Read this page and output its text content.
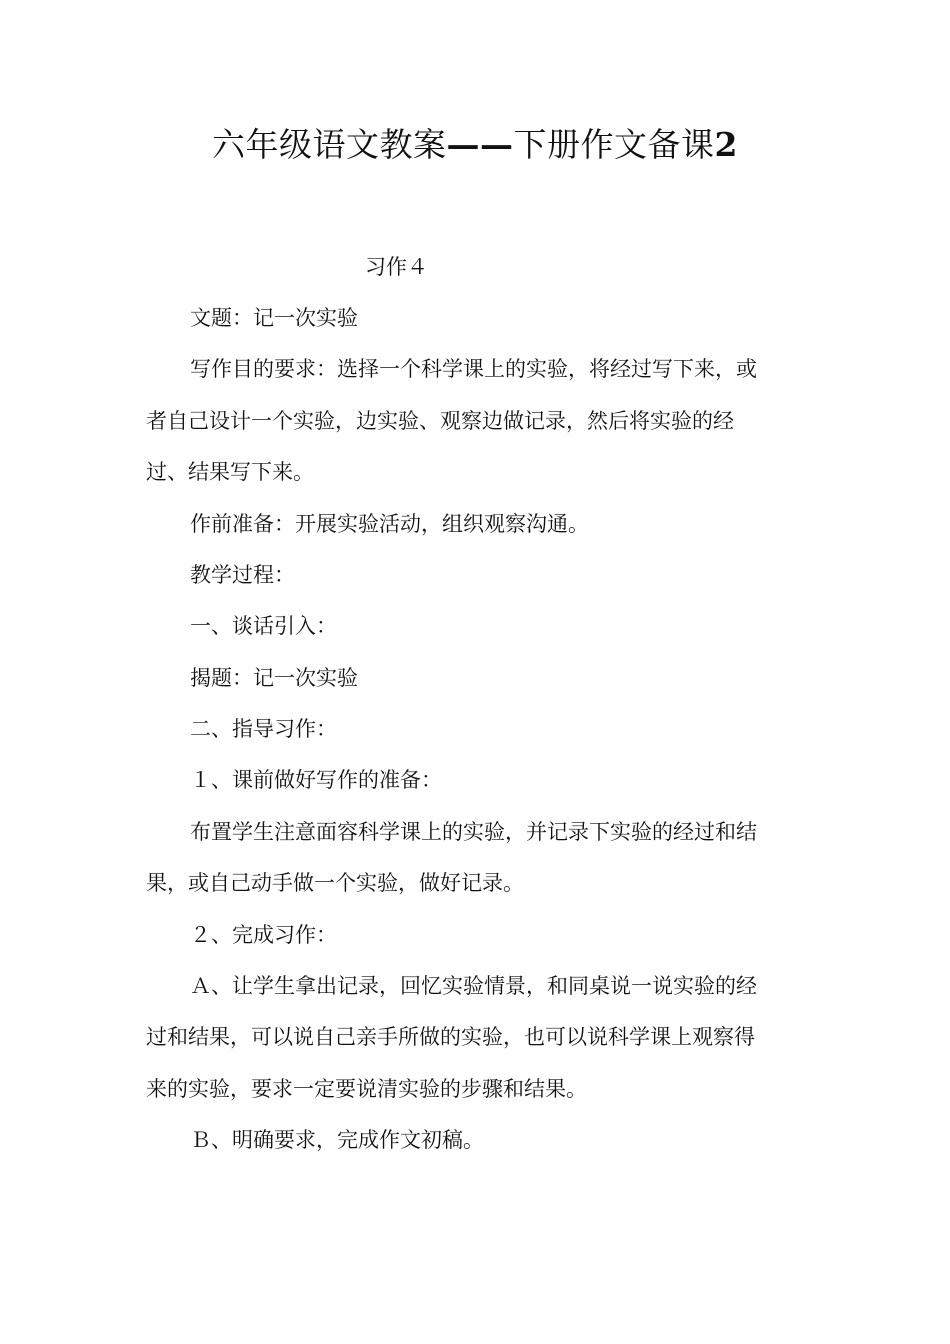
六年级语文教案——下册作文备课2
习作４
文题：记一次实验
写作目的要求：选择一个科学课上的实验，将经过写下来，或
者自己设计一个实验，边实验、观察边做记录，然后将实验的经
过、结果写下来。
作前准备：开展实验活动，组织观察沟通。
教学过程：
一、谈话引入：
揭题：记一次实验
二、指导习作：
１、课前做好写作的准备：
布置学生注意面容科学课上的实验，并记录下实验的经过和结
果，或自己动手做一个实验，做好记录。
２、完成习作：
Ａ、让学生拿出记录，回忆实验情景，和同桌说一说实验的经
过和结果，可以说自己亲手所做的实验，也可以说科学课上观察得
来的实验，要求一定要说清实验的步骤和结果。
Ｂ、明确要求，完成作文初稿。
